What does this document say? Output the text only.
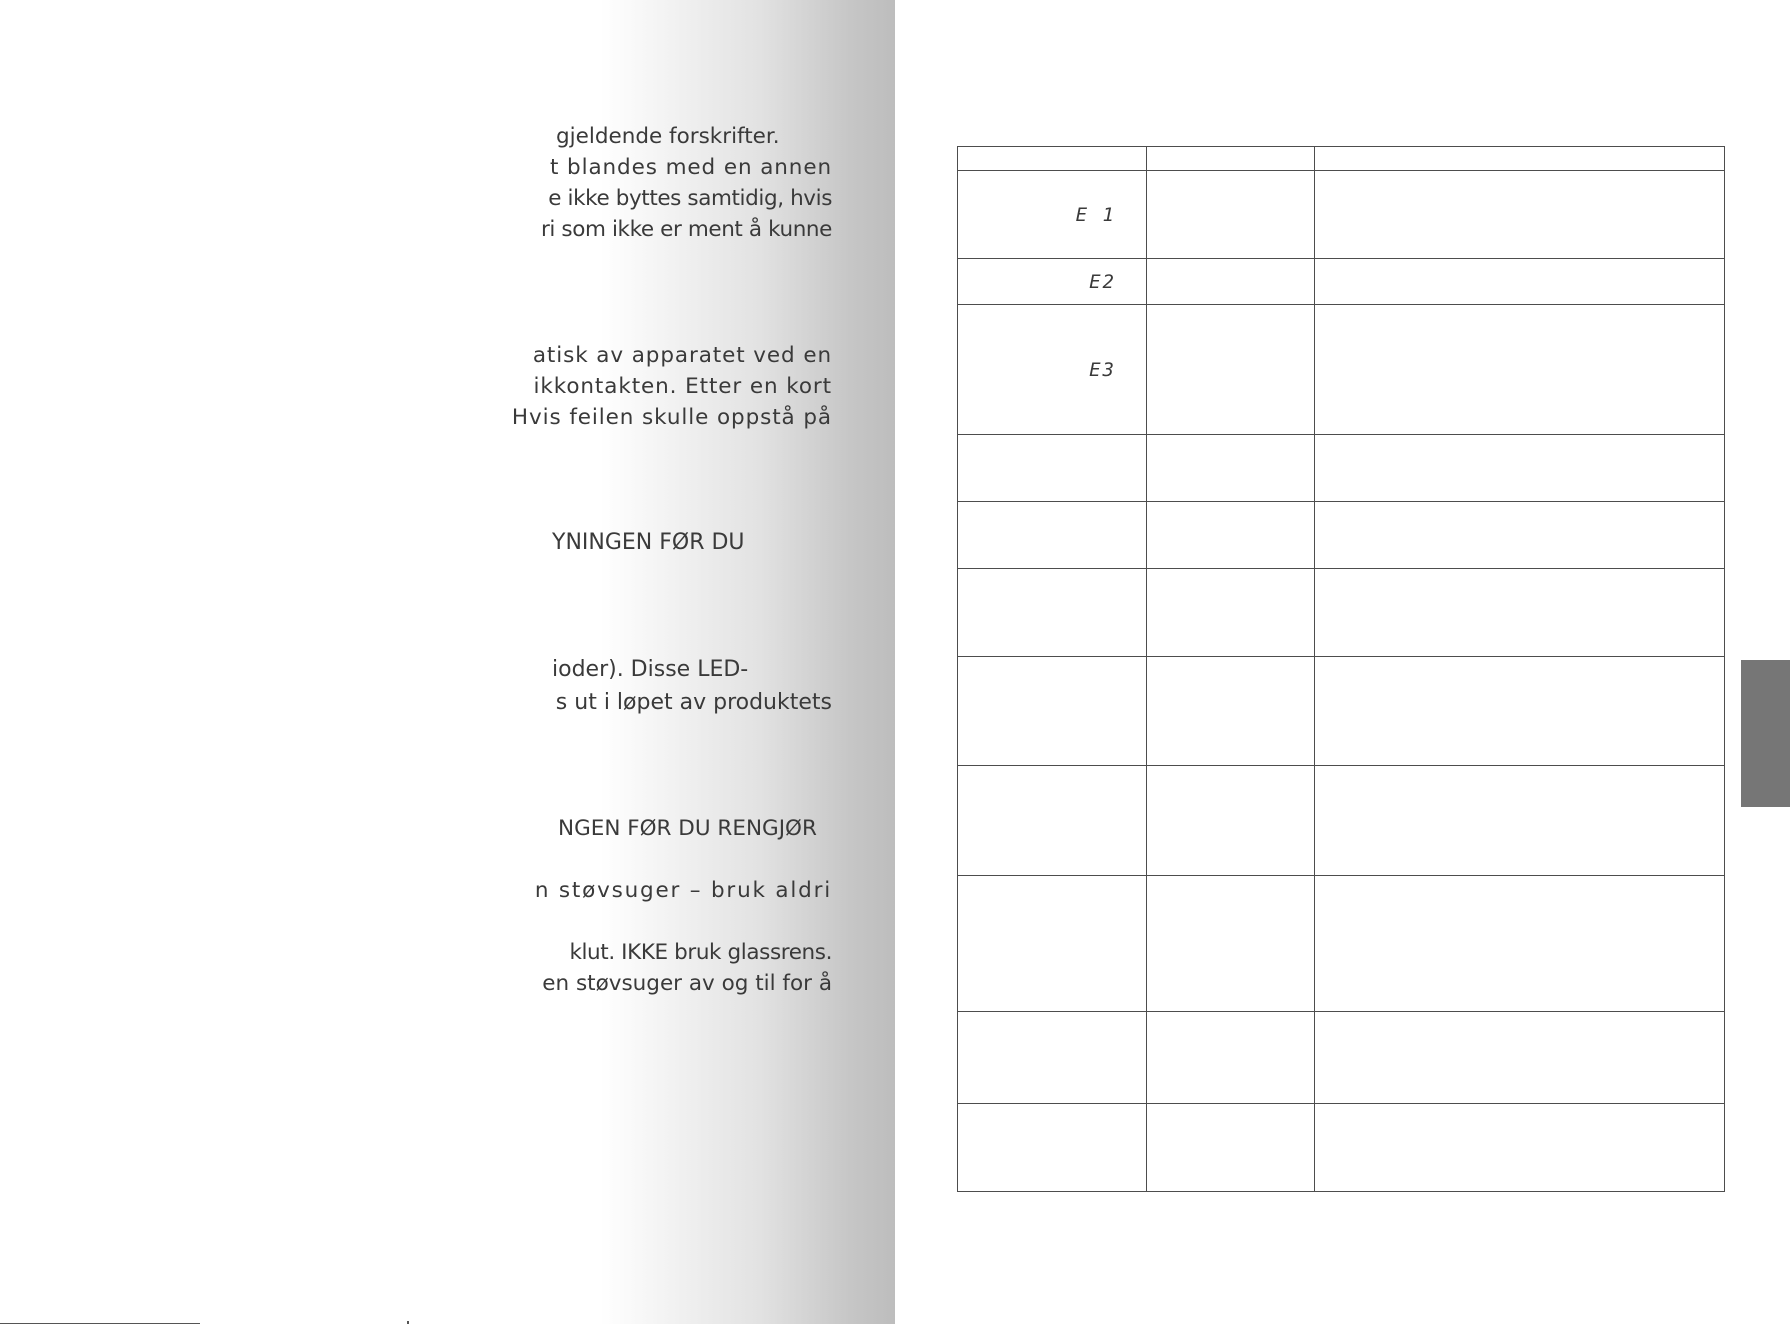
gjeldende forskrifter.
t blandes med en annen
e ikke byttes samtidig, hvis
ri som ikke er ment å kunne
atisk av apparatet ved en
ikkontakten. Etter en kort
Hvis feilen skulle oppstå på
YNINGEN FØR DU
ioder). Disse LED-
s ut i løpet av produktets
NGEN FØR DU RENGJØR
n støvsuger – bruk aldri
klut. IKKE bruk glassrens.
en støvsuger av og til for å

E 1		
E2		
E3		
